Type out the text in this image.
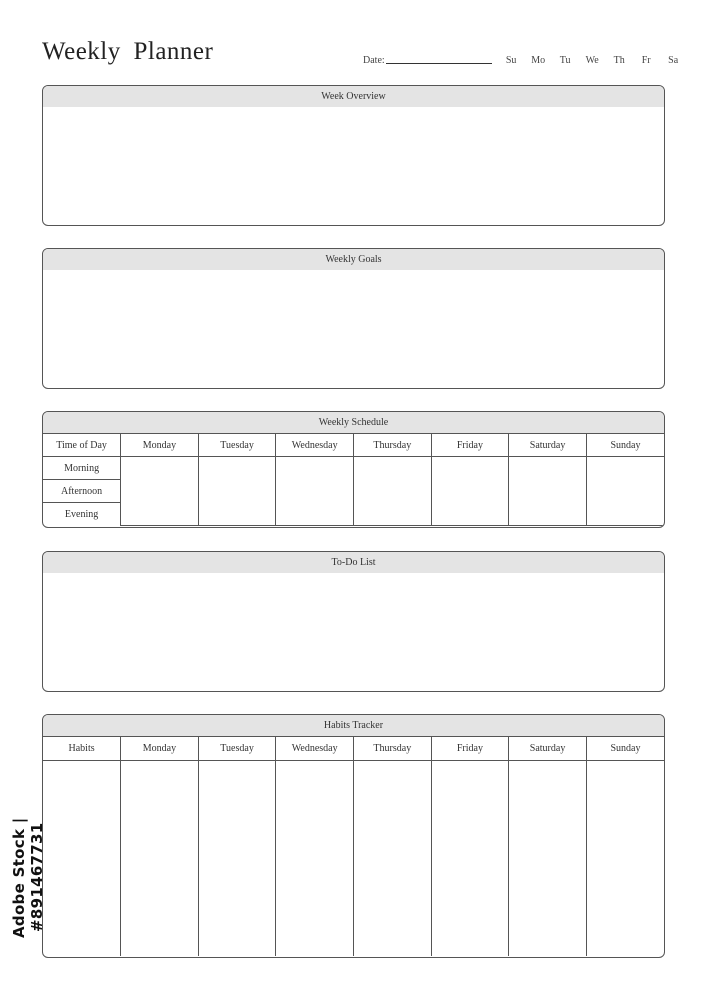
Weekly Planner	Date:	Su	Mo	Tu	We	Th	Fr	Sa
Week Overview
Weekly Goals
Weekly Schedule
Time of Day	Monday	Tuesday	Wednesday	Thursday	Friday	Saturday	Sunday
Morning							
Afternoon							
Evening							
To-Do List
Habits Tracker
Habits	Monday	Tuesday	Wednesday	Thursday	Friday	Saturday	Sunday

Adobe Stock | #891467731
